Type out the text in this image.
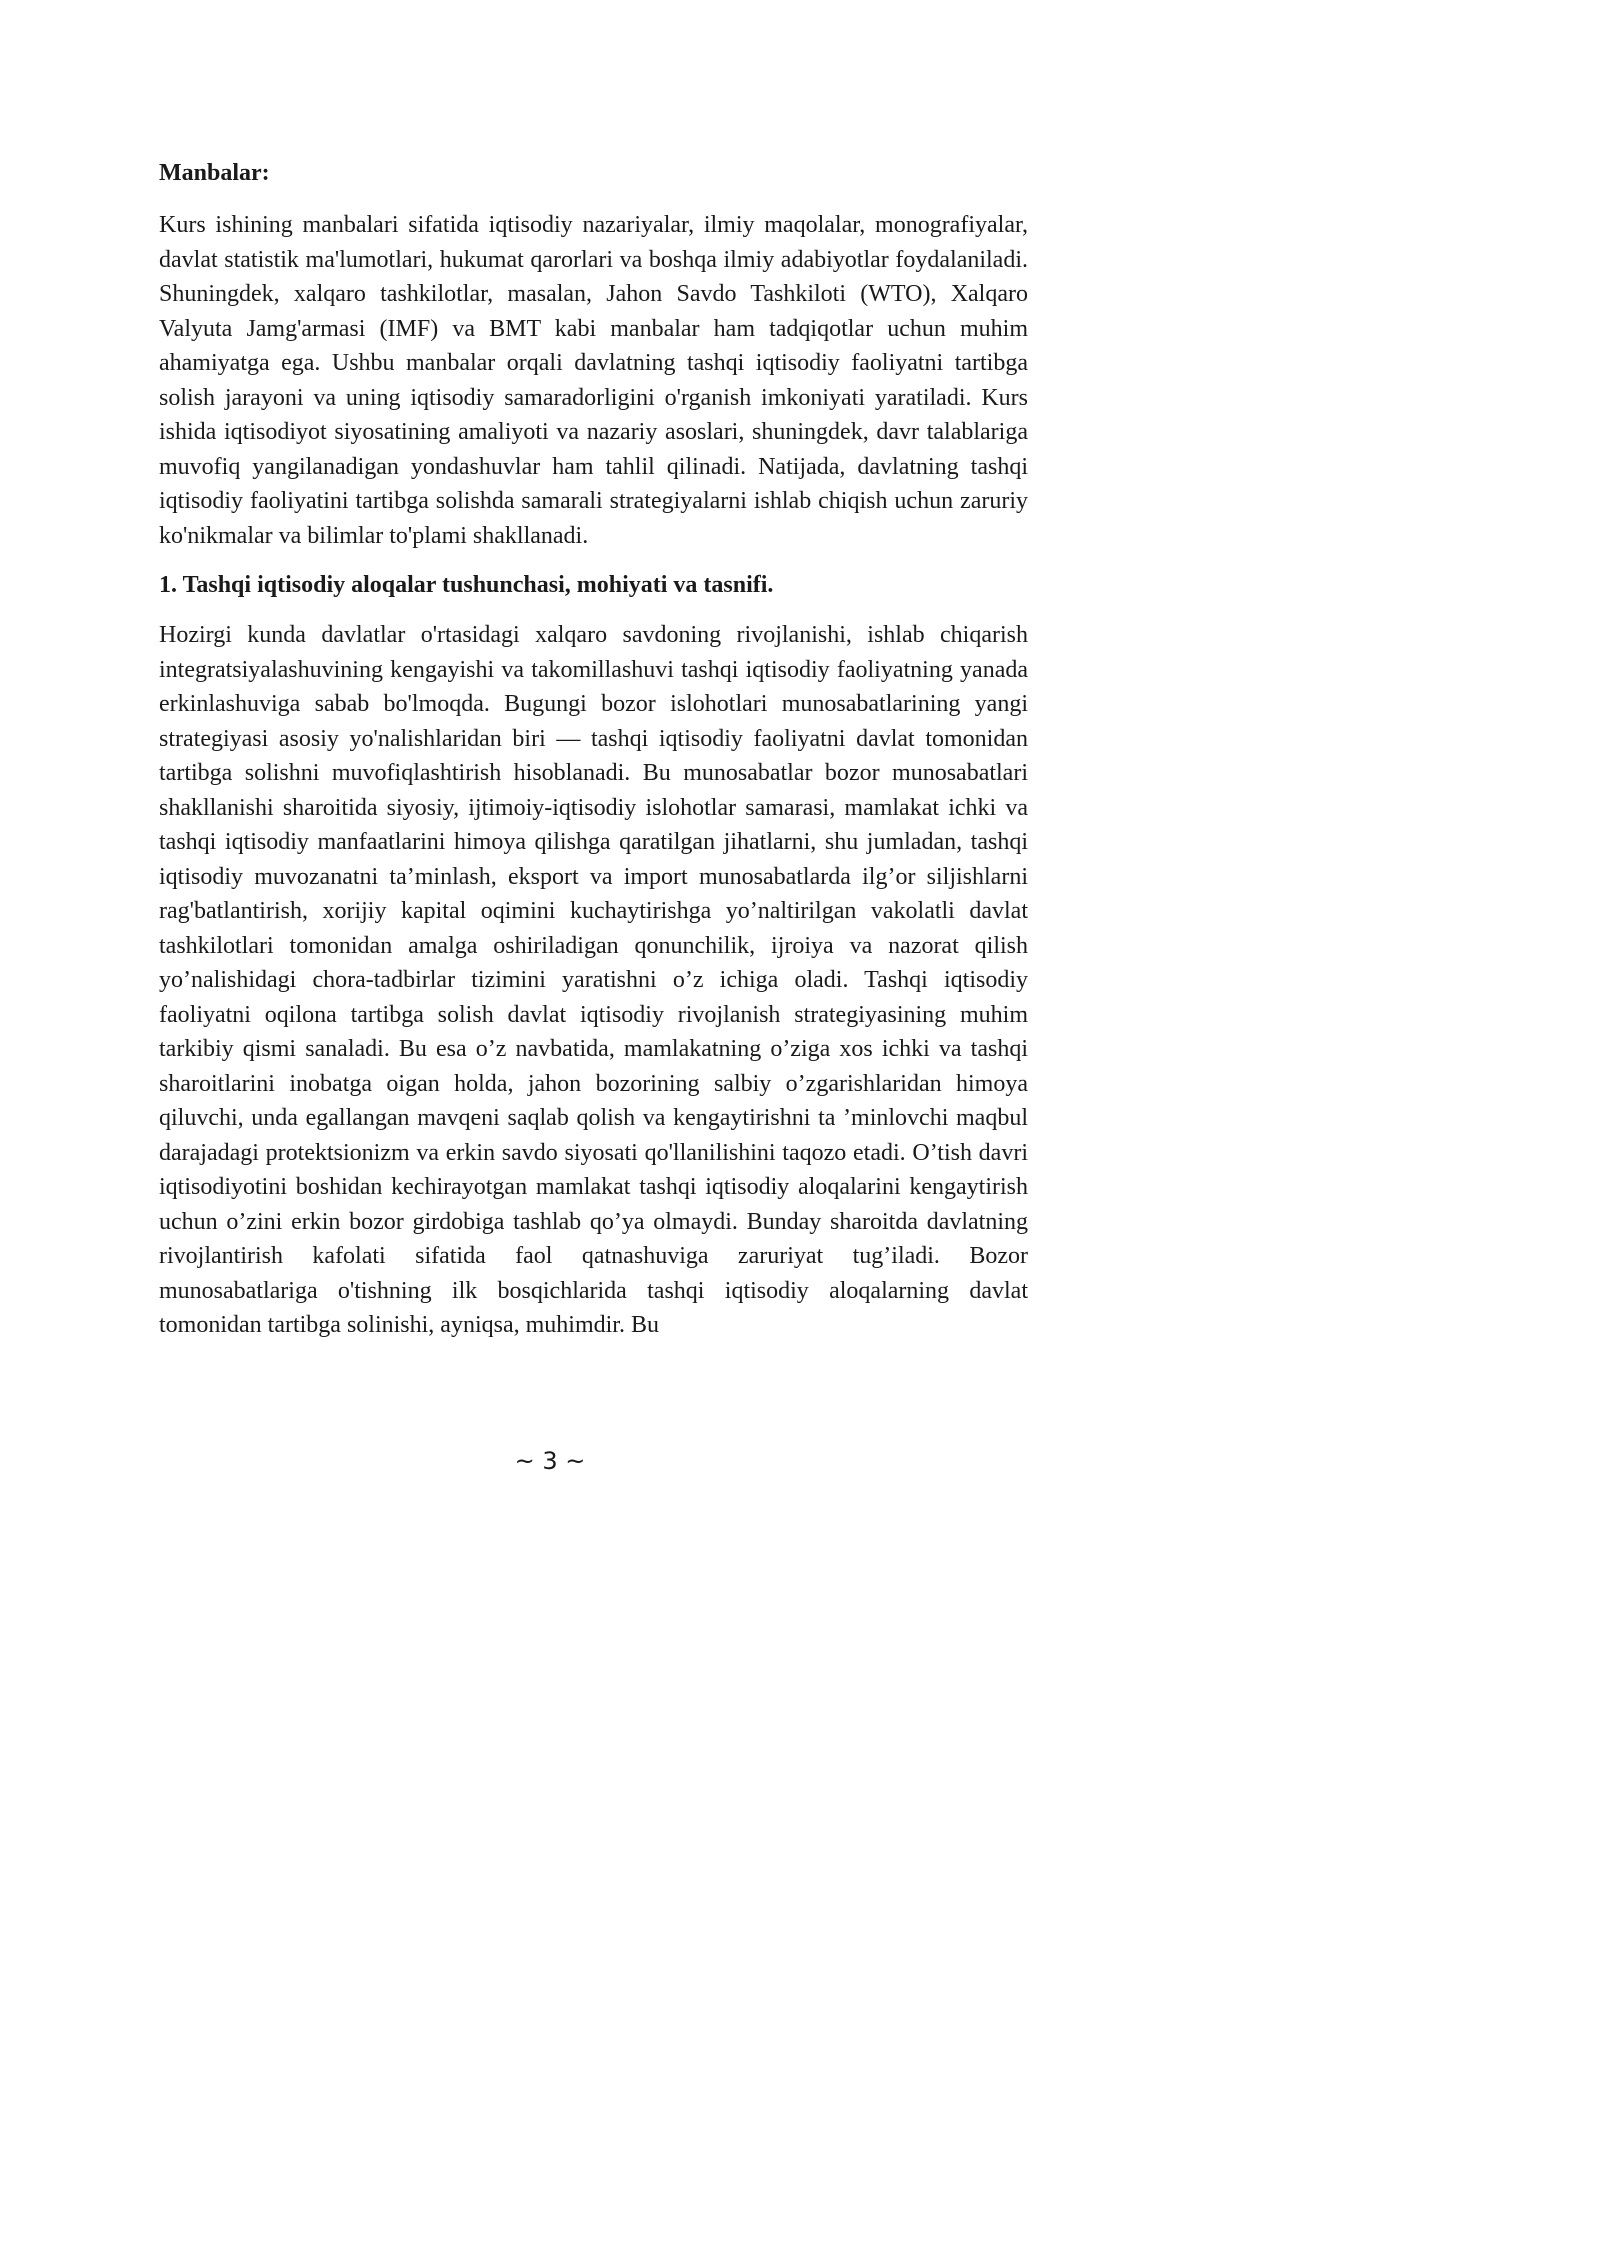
Manbalar:

Kurs ishining manbalari sifatida iqtisodiy nazariyalar, ilmiy maqolalar, monografiyalar, davlat statistik ma'lumotlari, hukumat qarorlari va boshqa ilmiy adabiyotlar foydalaniladi. Shuningdek, xalqaro tashkilotlar, masalan, Jahon Savdo Tashkiloti (WTO), Xalqaro Valyuta Jamg'armasi (IMF) va BMT kabi manbalar ham tadqiqotlar uchun muhim ahamiyatga ega. Ushbu manbalar orqali davlatning tashqi iqtisodiy faoliyatni tartibga solish jarayoni va uning iqtisodiy samaradorligini o'rganish imkoniyati yaratiladi. Kurs ishida iqtisodiyot siyosatining amaliyoti va nazariy asoslari, shuningdek, davr talablariga muvofiq yangilanadigan yondashuvlar ham tahlil qilinadi. Natijada, davlatning tashqi iqtisodiy faoliyatini tartibga solishda samarali strategiyalarni ishlab chiqish uchun zaruriy ko'nikmalar va bilimlar to'plami shakllanadi.

1. Tashqi iqtisodiy aloqalar tushunchasi, mohiyati va tasnifi.

Hozirgi kunda davlatlar o'rtasidagi xalqaro savdoning rivojlanishi, ishlab chiqarish integratsiyalashuvining kengayishi va takomillashuvi tashqi iqtisodiy faoliyatning yanada erkinlashuviga sabab bo'lmoqda. Bugungi bozor islohotlari munosabatlarining yangi strategiyasi asosiy yo'nalishlaridan biri — tashqi iqtisodiy faoliyatni davlat tomonidan tartibga solishni muvofiqlashtirish hisoblanadi. Bu munosabatlar bozor munosabatlari shakllanishi sharoitida siyosiy, ijtimoiy-iqtisodiy islohotlar samarasi, mamlakat ichki va tashqi iqtisodiy manfaatlarini himoya qilishga qaratilgan jihatlarni, shu jumladan, tashqi iqtisodiy muvozanatni ta’minlash, eksport va import munosabatlarda ilg’or siljishlarni rag'batlantirish, xorijiy kapital oqimini kuchaytirishga yo’naltirilgan vakolatli davlat tashkilotlari tomonidan amalga oshiriladigan qonunchilik, ijroiya va nazorat qilish yo’nalishidagi chora-tadbirlar tizimini yaratishni o’z ichiga oladi. Tashqi iqtisodiy faoliyatni oqilona tartibga solish davlat iqtisodiy rivojlanish strategiyasining muhim tarkibiy qismi sanaladi. Bu esa o’z navbatida, mamlakatning o’ziga xos ichki va tashqi sharoitlarini inobatga oigan holda, jahon bozorining salbiy o’zgarishlaridan himoya qiluvchi, unda egallangan mavqeni saqlab qolish va kengaytirishni ta ’minlovchi maqbul darajadagi protektsionizm va erkin savdo siyosati qo'llanilishini taqozo etadi. O’tish davri iqtisodiyotini boshidan kechirayotgan mamlakat tashqi iqtisodiy aloqalarini kengaytirish uchun o’zini erkin bozor girdobiga tashlab qo’ya olmaydi. Bunday sharoitda davlatning rivojlantirish kafolati sifatida faol qatnashuviga zaruriyat tug’iladi. Bozor munosabatlariga o'tishning ilk bosqichlarida tashqi iqtisodiy aloqalarning davlat tomonidan tartibga solinishi, ayniqsa, muhimdir. Bu

~ 3 ~
